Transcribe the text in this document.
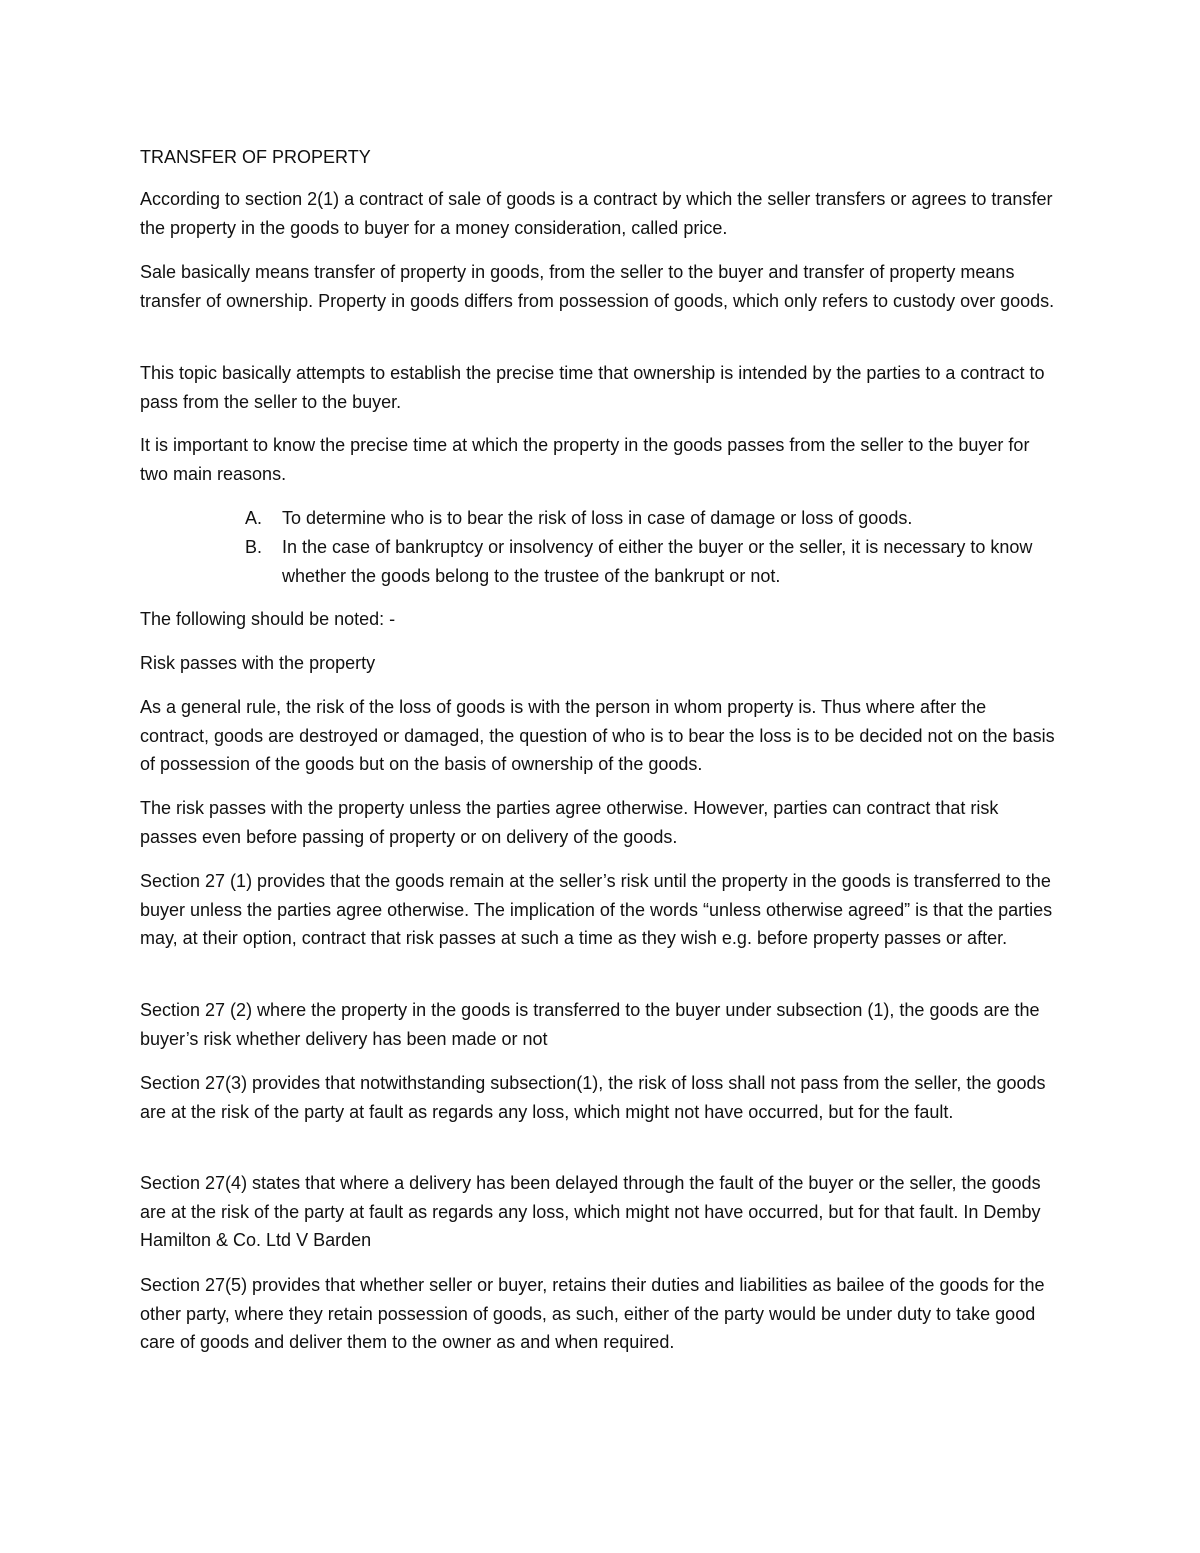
TRANSFER OF PROPERTY

According to section 2(1) a contract of sale of goods is a contract by which the seller transfers or agrees to transfer the property in the goods to buyer for a money consideration, called price.

Sale basically means transfer of property in goods, from the seller to the buyer and transfer of property means transfer of ownership. Property in goods differs from possession of goods, which only refers to custody over goods.

This topic basically attempts to establish the precise time that ownership is intended by the parties to a contract to pass from the seller to the buyer.

It is important to know the precise time at which the property in the goods passes from the seller to the buyer for two main reasons.

A.	To determine who is to bear the risk of loss in case of damage or loss of goods.
B.	In the case of bankruptcy or insolvency of either the buyer or the seller, it is necessary to know whether the goods belong to the trustee of the bankrupt or not.

The following should be noted: -

Risk passes with the property

As a general rule, the risk of the loss of goods is with the person in whom property is. Thus where after the contract, goods are destroyed or damaged, the question of who is to bear the loss is to be decided not on the basis of possession of the goods but on the basis of ownership of the goods.

The risk passes with the property unless the parties agree otherwise. However, parties can contract that risk passes even before passing of property or on delivery of the goods.

Section 27 (1) provides that the goods remain at the seller’s risk until the property in the goods is transferred to the buyer unless the parties agree otherwise. The implication of the words “unless otherwise agreed” is that the parties may, at their option, contract that risk passes at such a time as they wish e.g. before property passes or after.

Section 27 (2) where the property in the goods is transferred to the buyer under subsection (1), the goods are the buyer’s risk whether delivery has been made or not

Section 27(3) provides that notwithstanding subsection(1), the risk of loss shall not pass from the seller, the goods are at the risk of the party at fault as regards any loss, which might not have occurred, but for the fault.

Section 27(4) states that where a delivery has been delayed through the fault of the buyer or the seller, the goods are at the risk of the party at fault as regards any loss, which might not have occurred, but for that fault. In Demby Hamilton & Co. Ltd V Barden

Section 27(5) provides that whether seller or buyer, retains their duties and liabilities as bailee of the goods for the other party, where they retain possession of goods, as such, either of the party would be under duty to take good care of goods and deliver them to the owner as and when required.
